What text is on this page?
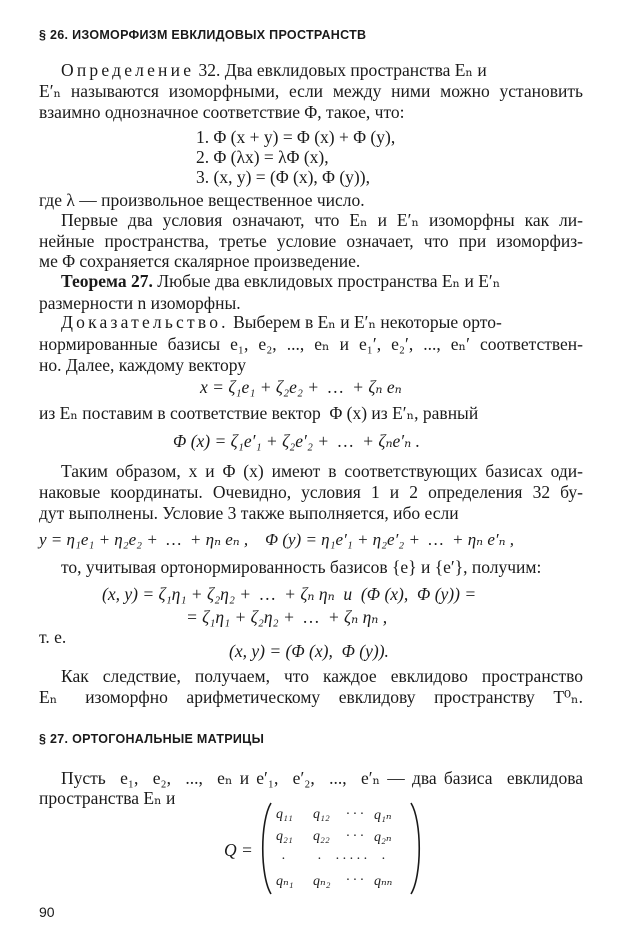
§ 26. ИЗОМОРФИЗМ ЕВКЛИДОВЫХ ПРОСТРАНСТВ
Определение 32. Два евклидовых пространства Eₙ и
E′ₙ называются изоморфными, если между ними можно установить
взаимно однозначное соответствие Φ, такое, что:
1. Φ (x + y) = Φ (x) + Φ (y),
2. Φ (λx) = λΦ (x),
3. (x, y) = (Φ (x), Φ (y)),
где λ — произвольное вещественное число.
Первые два условия означают, что Eₙ и E′ₙ изоморфны как ли-
нейные пространства, третье условие означает, что при изоморфиз-
ме Φ сохраняется скалярное произведение.
Теорема 27. Любые два евклидовых пространства Eₙ и E′ₙ
размерности n изоморфны.
Доказательство. Выберем в Eₙ и E′ₙ некоторые орто-
нормированные базисы e₁, e₂, ..., eₙ и e₁′, e₂′, ..., eₙ′ соответствен-
но. Далее, каждому вектору
x = ζ₁e₁ + ζ₂e₂ +  …  + ζₙ eₙ
из Eₙ поставим в соответствие вектор  Φ (x) из E′ₙ, равный
Φ (x) = ζ₁e′₁ + ζ₂e′₂ +  …  + ζₙe′ₙ .
Таким образом, x и Φ (x) имеют в соответствующих базисах оди-
наковые координаты. Очевидно, условия 1 и 2 определения 32 бу-
дут выполнены. Условие 3 также выполняется, ибо если
y = η₁e₁ + η₂e₂ +  …  + ηₙ eₙ ,    Φ (y) = η₁e′₁ + η₂e′₂ +  …  + ηₙ e′ₙ ,
то, учитывая ортонормированность базисов {e} и {e′}, получим:
(x, y) = ζ₁η₁ + ζ₂η₂ +  …  + ζₙ ηₙ  и  (Φ (x),  Φ (y)) =
= ζ₁η₁ + ζ₂η₂ +  …  + ζₙ ηₙ ,
т. е.
(x, y) = (Φ (x),  Φ (y)).
Как следствие, получаем, что каждое евклидово пространство
Eₙ   изоморфно  арифметическому  евклидову  пространству  T⁰ₙ.
§ 27. ОРТОГОНАЛЬНЫЕ МАТРИЦЫ
Пусть  e₁,  e₂,  ...,  eₙ и e′₁,  e′₂,  ...,  e′ₙ — два базиса  евклидова
пространства Eₙ и
Q =
q₁₁ q₁₂ · · · q₁ₙ
q₂₁ q₂₂ · · · q₂ₙ
. . . . . . . .
qₙ₁ qₙ₂ · · · qₙₙ
90
